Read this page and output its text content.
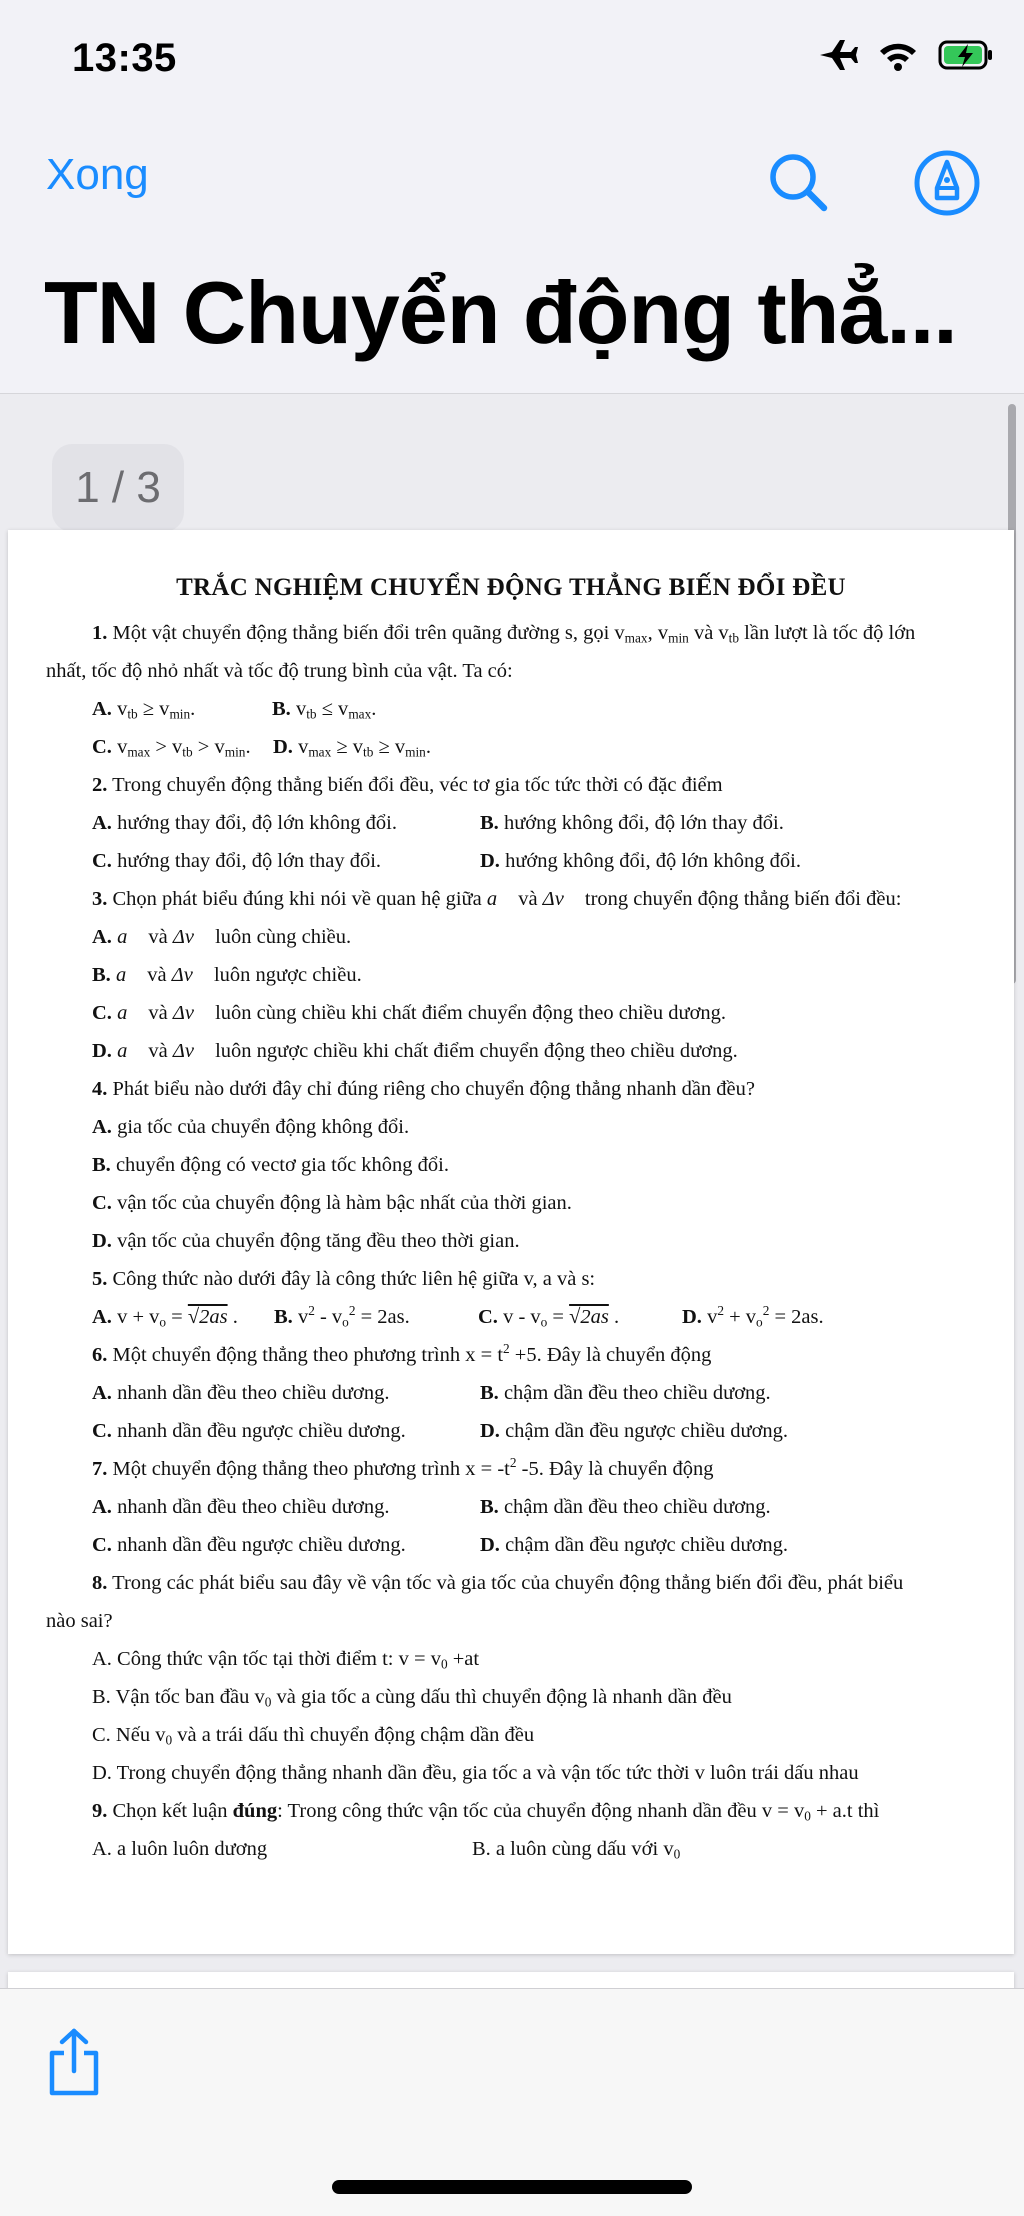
13:35
Xong
TN Chuyển động thẳ...
1 / 3
TRẮC NGHIỆM CHUYỂN ĐỘNG THẲNG BIẾN ĐỔI ĐỀU
1. Một vật chuyển động thẳng biến đổi trên quãng đường s, gọi $v_{max}$, $v_{min}$ và $v_{tb}$ lần lượt là tốc độ lớn
nhất, tốc độ nhỏ nhất và tốc độ trung bình của vật. Ta có:
A. $v_{tb} \ge v_{min}$.	B. $v_{tb} \le v_{max}$.
C. $v_{max} > v_{tb} > v_{min}$. D. $v_{max} \ge v_{tb} \ge v_{min}$.
2. Trong chuyển động thẳng biến đổi đều, véc tơ gia tốc tức thời có đặc điểm
A. hướng thay đổi, độ lớn không đổi.	B. hướng không đổi, độ lớn thay đổi.
C. hướng thay đổi, độ lớn thay đổi.	D. hướng không đổi, độ lớn không đổi.
3. Chọn phát biểu đúng khi nói về quan hệ giữa a⃗ và Δv⃗ trong chuyển động thẳng biến đổi đều:
A. a⃗ và Δv⃗ luôn cùng chiều.
B. a⃗ và Δv⃗ luôn ngược chiều.
C. a⃗ và Δv⃗ luôn cùng chiều khi chất điểm chuyển động theo chiều dương.
D. a⃗ và Δv⃗ luôn ngược chiều khi chất điểm chuyển động theo chiều dương.
4. Phát biểu nào dưới đây chỉ đúng riêng cho chuyển động thẳng nhanh dần đều?
A. gia tốc của chuyển động không đổi.
B. chuyển động có vectơ gia tốc không đổi.
C. vận tốc của chuyển động là hàm bậc nhất của thời gian.
D. vận tốc của chuyển động tăng đều theo thời gian.
5. Công thức nào dưới đây là công thức liên hệ giữa v, a và s:
A. $v + v_o = √2as$ . B. $v^2 - v_o^2 = 2as$.	C. $v - v_o = √2as$ .	D. $v^2 + v_o^2 = 2as$.
6. Một chuyển động thẳng theo phương trình $x = t^2 +5$. Đây là chuyển động
A. nhanh dần đều theo chiều dương.	B. chậm dần đều theo chiều dương.
C. nhanh dần đều ngược chiều dương.	D. chậm dần đều ngược chiều dương.
7. Một chuyển động thẳng theo phương trình $x = -t^2$ -5. Đây là chuyển động
A. nhanh dần đều theo chiều dương.	B. chậm dần đều theo chiều dương.
C. nhanh dần đều ngược chiều dương.	D. chậm dần đều ngược chiều dương.
8. Trong các phát biểu sau đây về vận tốc và gia tốc của chuyển động thẳng biến đổi đều, phát biểu
nào sai?
A. Công thức vận tốc tại thời điểm t: $v = v_0 +at$
B. Vận tốc ban đầu $v_0$ và gia tốc a cùng dấu thì chuyển động là nhanh dần đều
C. Nếu $v_0$ và a trái dấu thì chuyển động chậm dần đều
D. Trong chuyển động thẳng nhanh dần đều, gia tốc a và vận tốc tức thời v luôn trái dấu nhau
9. Chọn kết luận đúng: Trong công thức vận tốc của chuyển động nhanh dần đều $v = v_0 + a.t$ thì
A. a luôn luôn dương	B. a luôn cùng dấu với $v_0$
